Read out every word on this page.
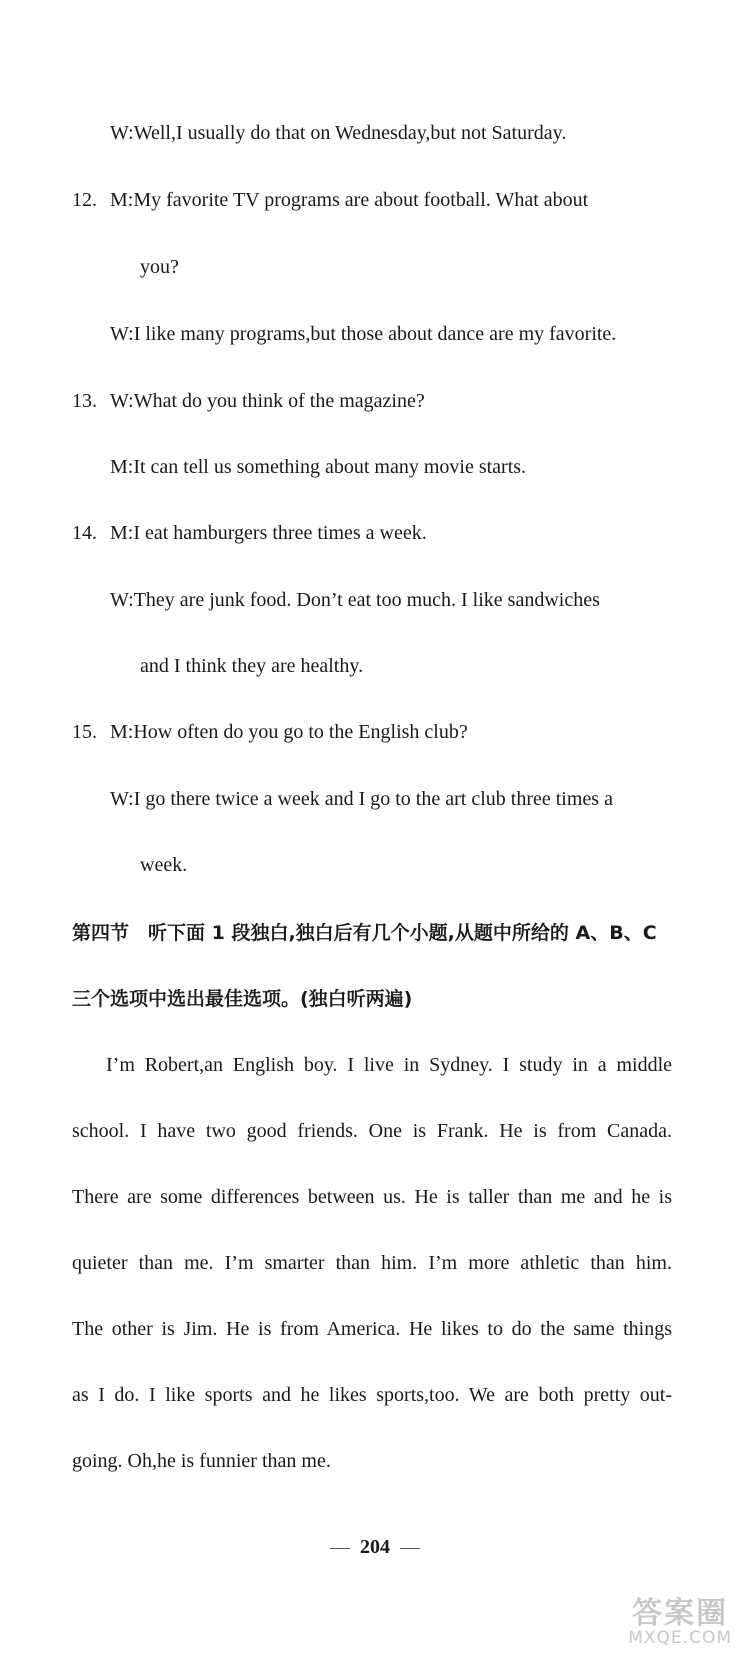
W:Well,I usually do that on Wednesday,but not Saturday.
12. M:My favorite TV programs are about football. What about
you?
W:I like many programs,but those about dance are my favorite.
13. W:What do you think of the magazine?
M:It can tell us something about many movie starts.
14. M:I eat hamburgers three times a week.
W:They are junk food. Don’t eat too much. I like sandwiches
and I think they are healthy.
15. M:How often do you go to the English club?
W:I go there twice a week and I go to the art club three times a
week.
第四节　听下面 1 段独白,独白后有几个小题,从题中所给的 A、B、C
三个选项中选出最佳选项。(独白听两遍)
I’m Robert,an English boy. I live in Sydney. I study in a middle
school. I have two good friends. One is Frank. He is from Canada.
There are some differences between us. He is taller than me and he is
quieter than me. I’m smarter than him. I’m more athletic than him.
The other is Jim. He is from America. He likes to do the same things
as I do. I like sports and he likes sports,too. We are both pretty out-
going. Oh,he is funnier than me.
— 204 —
答案圈
MXQE.COM
